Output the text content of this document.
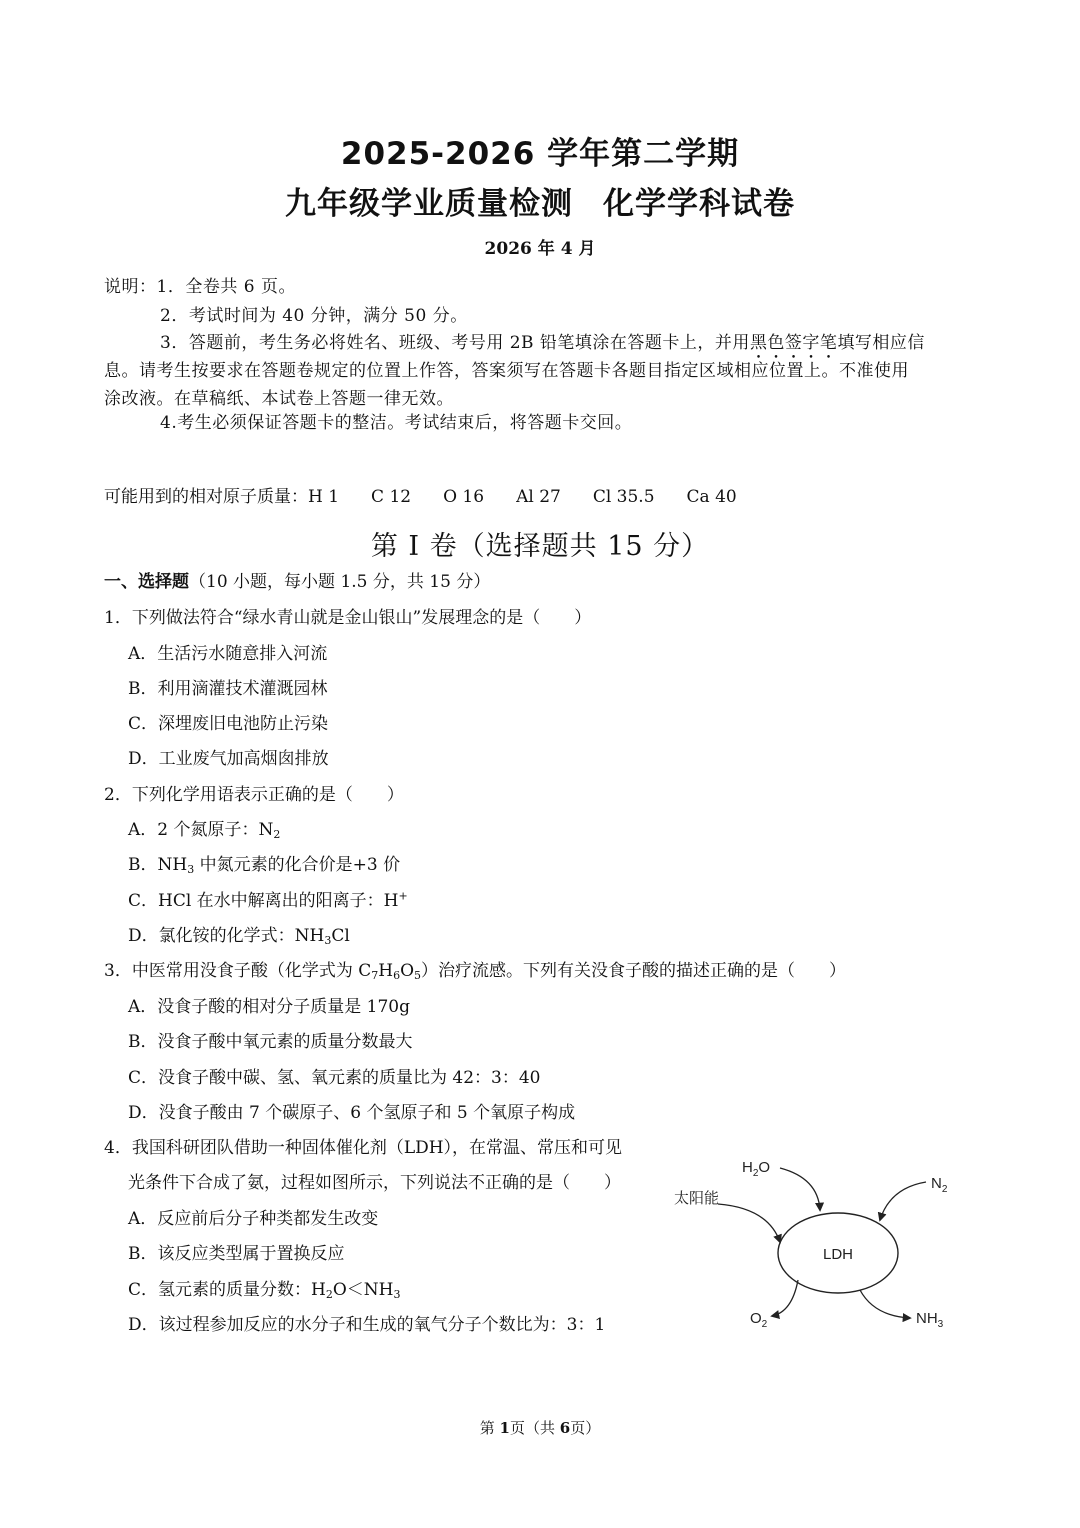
2025-2026 学年第二学期
九年级学业质量检测 化学学科试卷
2026 年 4 月
说明：1．全卷共 6 页。
2．考试时间为 40 分钟，满分 50 分。
3．答题前，考生务必将姓名、班级、考号用 2B 铅笔填涂在答题卡上，并用黑色签字笔填写相应信
息。请考生按要求在答题卷规定的位置上作答，答案须写在答题卡各题目指定区域相应位置上。不准使用
涂改液。在草稿纸、本试卷上答题一律无效。
4.考生必须保证答题卡的整洁。考试结束后，将答题卡交回。
可能用到的相对原子质量：H 1 C 12 O 16 Al 27 Cl 35.5 Ca 40
第 I 卷（选择题共 15 分）
一、选择题（10 小题，每小题 1.5 分，共 15 分）
1．下列做法符合“绿水青山就是金山银山”发展理念的是（　　）
A．生活污水随意排入河流
B．利用滴灌技术灌溉园林
C．深埋废旧电池防止污染
D．工业废气加高烟囱排放
2．下列化学用语表示正确的是（　　）
A．2 个氮原子：$N_2$
B．$NH_3$ 中氮元素的化合价是+3 价
C．HCl 在水中解离出的阳离子：H+
D．氯化铵的化学式：$NH_3Cl$
3．中医常用没食子酸（化学式为 $C_7H_6O_5$）治疗流感。下列有关没食子酸的描述正确的是（　　）
A．没食子酸的相对分子质量是 170g
B．没食子酸中氧元素的质量分数最大
C．没食子酸中碳、氢、氧元素的质量比为 42：3：40
D．没食子酸由 7 个碳原子、6 个氢原子和 5 个氧原子构成
4．我国科研团队借助一种固体催化剂（LDH），在常温、常压和可见
光条件下合成了氨，过程如图所示，下列说法不正确的是（　　）
A．反应前后分子种类都发生改变
B．该反应类型属于置换反应
C．氢元素的质量分数：$H_2O<NH_3$
D．该过程参加反应的水分子和生成的氧气分子个数比为：3：1
LDH
$H_2O$
$N_2$
太阳能
$O_2$	$NH_3$
第 1页（共 6页）
